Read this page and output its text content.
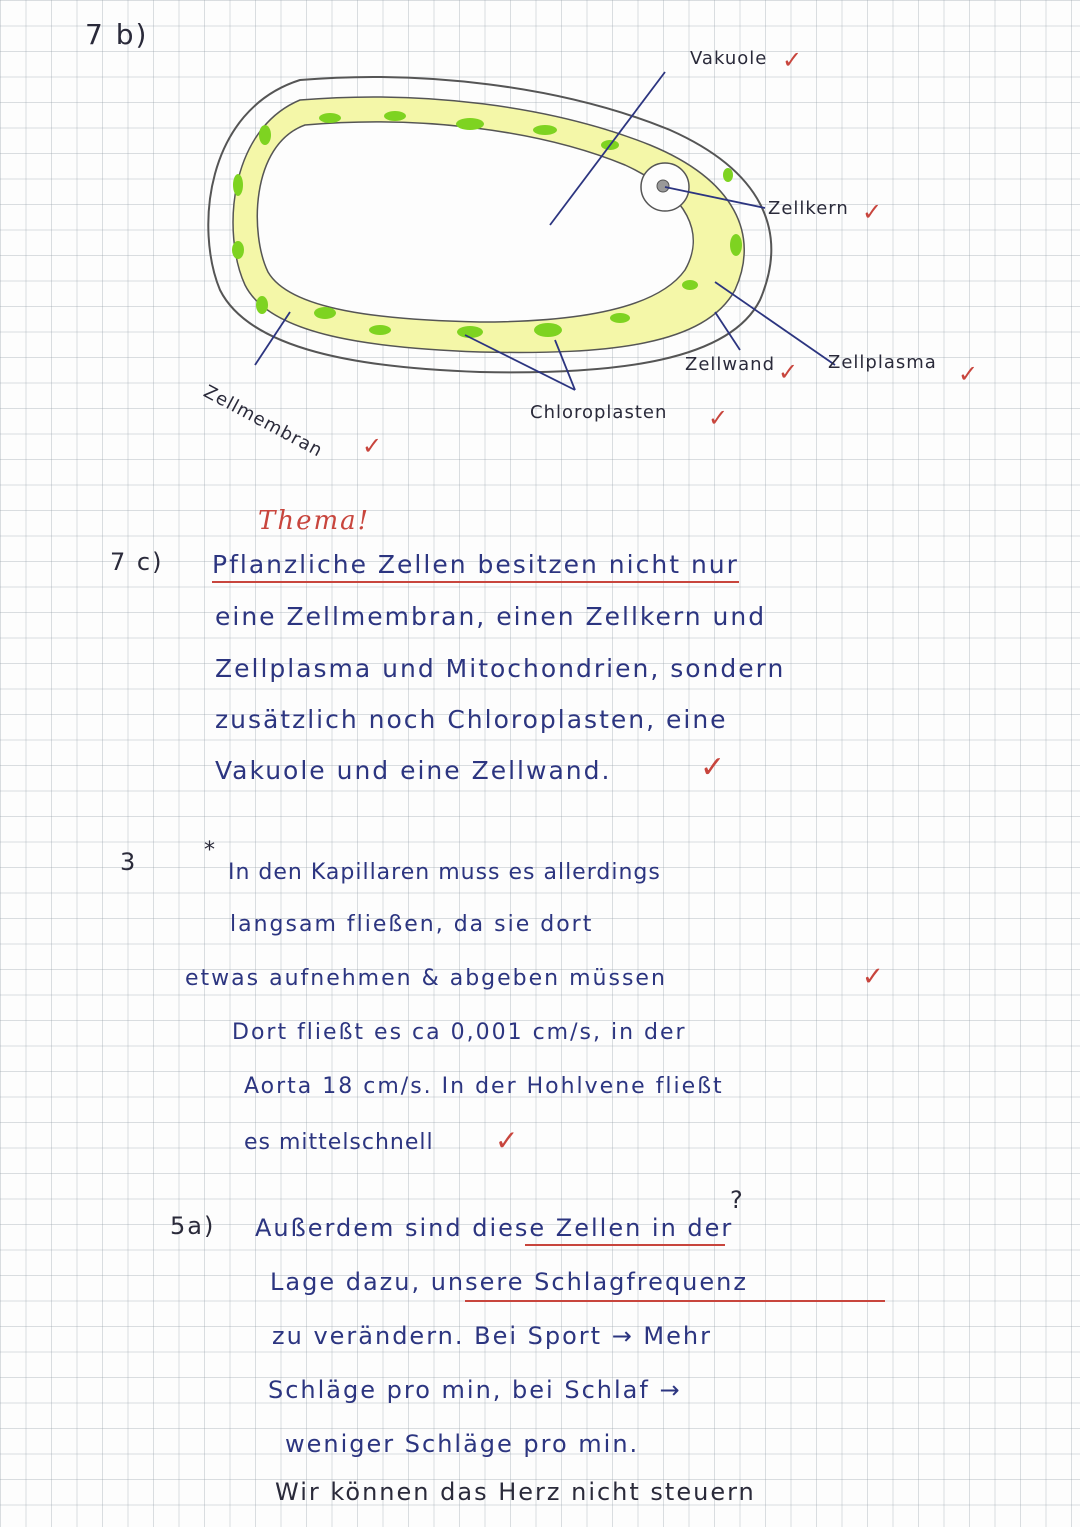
7 b)
Vakuole ✓
Zellkern ✓
Zellplasma ✓
Zellwand ✓
Chloroplasten ✓
Zellmembran ✓
Thema!
7 c) Pflanzliche Zellen besitzen nicht nur
eine Zellmembran, einen Zellkern und
Zellplasma und Mitochondrien, sondern
zusätzlich noch Chloroplasten, eine
Vakuole und eine Zellwand.	✓
3	*
In den Kapillaren muss es allerdings
langsam fließen, da sie dort
etwas aufnehmen & abgeben müssen	✓
Dort fließt es ca 0,001 cm/s, in der
Aorta 18 cm/s. In der Hohlvene fließt
es mittelschnell ✓
5a)
?
Außerdem sind diese Zellen in der
Lage dazu, unsere Schlagfrequenz
zu verändern. Bei Sport → Mehr
Schläge pro min, bei Schlaf →
weniger Schläge pro min.
Wir können das Herz nicht steuern
